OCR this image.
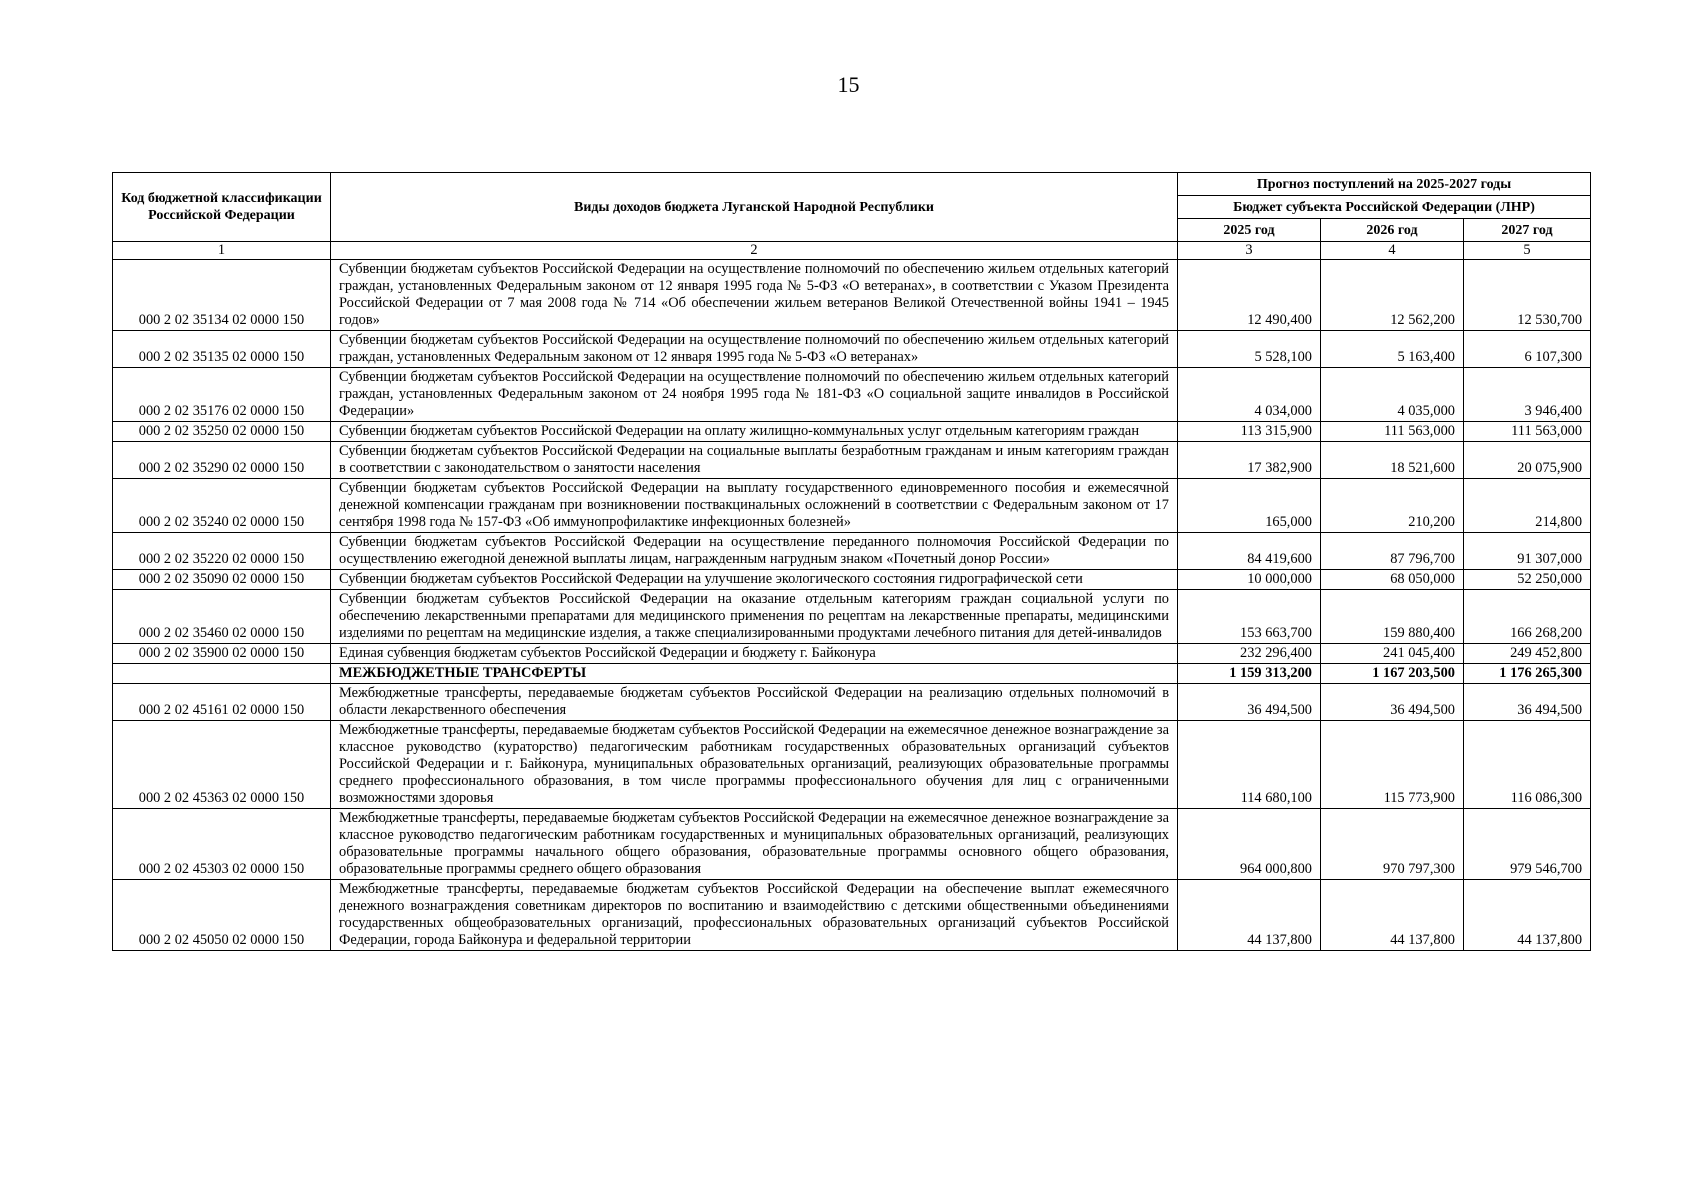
15
Код бюджетной классификации Российской Федерации	Виды доходов бюджета Луганской Народной Республики	Прогноз поступлений на 2025-2027 годы		
		Бюджет субъекта Российской Федерации (ЛНР)		
		2025 год	2026 год	2027 год
1	2	3	4	5
000 2 02 35134 02 0000 150	Субвенции бюджетам субъектов Российской Федерации на осуществление полномочий по обеспечению жильем отдельных категорий граждан, установленных Федеральным законом от 12 января 1995 года № 5-ФЗ «О ветеранах», в соответствии с Указом Президента Российской Федерации от 7 мая 2008 года № 714 «Об обеспечении жильем ветеранов Великой Отечественной войны 1941 – 1945 годов»	12 490,400	12 562,200	12 530,700
000 2 02 35135 02 0000 150	Субвенции бюджетам субъектов Российской Федерации на осуществление полномочий по обеспечению жильем отдельных категорий граждан, установленных Федеральным законом от 12 января 1995 года № 5-ФЗ «О ветеранах»	5 528,100	5 163,400	6 107,300
000 2 02 35176 02 0000 150	Субвенции бюджетам субъектов Российской Федерации на осуществление полномочий по обеспечению жильем отдельных категорий граждан, установленных Федеральным законом от 24 ноября 1995 года № 181-ФЗ «О социальной защите инвалидов в Российской Федерации»	4 034,000	4 035,000	3 946,400
000 2 02 35250 02 0000 150	Субвенции бюджетам субъектов Российской Федерации на оплату жилищно-коммунальных услуг отдельным категориям граждан	113 315,900	111 563,000	111 563,000
000 2 02 35290 02 0000 150	Субвенции бюджетам субъектов Российской Федерации на социальные выплаты безработным гражданам и иным категориям граждан в соответствии с законодательством о занятости населения	17 382,900	18 521,600	20 075,900
000 2 02 35240 02 0000 150	Субвенции бюджетам субъектов Российской Федерации на выплату государственного единовременного пособия и ежемесячной денежной компенсации гражданам при возникновении поствакцинальных осложнений в соответствии с Федеральным законом от 17 сентября 1998 года № 157-ФЗ «Об иммунопрофилактике инфекционных болезней»	165,000	210,200	214,800
000 2 02 35220 02 0000 150	Субвенции бюджетам субъектов Российской Федерации на осуществление переданного полномочия Российской Федерации по осуществлению ежегодной денежной выплаты лицам, награжденным нагрудным знаком «Почетный донор России»	84 419,600	87 796,700	91 307,000
000 2 02 35090 02 0000 150	Субвенции бюджетам субъектов Российской Федерации на улучшение экологического состояния гидрографической сети	10 000,000	68 050,000	52 250,000
000 2 02 35460 02 0000 150	Субвенции бюджетам субъектов Российской Федерации на оказание отдельным категориям граждан социальной услуги по обеспечению лекарственными препаратами для медицинского применения по рецептам на лекарственные препараты, медицинскими изделиями по рецептам на медицинские изделия, а также специализированными продуктами лечебного питания для детей-инвалидов	153 663,700	159 880,400	166 268,200
000 2 02 35900 02 0000 150	Единая субвенция бюджетам субъектов Российской Федерации и бюджету г. Байконура	232 296,400	241 045,400	249 452,800
	МЕЖБЮДЖЕТНЫЕ ТРАНСФЕРТЫ	1 159 313,200	1 167 203,500	1 176 265,300
000 2 02 45161 02 0000 150	Межбюджетные трансферты, передаваемые бюджетам субъектов Российской Федерации на реализацию отдельных полномочий в области лекарственного обеспечения	36 494,500	36 494,500	36 494,500
000 2 02 45363 02 0000 150	Межбюджетные трансферты, передаваемые бюджетам субъектов Российской Федерации на ежемесячное денежное вознаграждение за классное руководство (кураторство) педагогическим работникам государственных образовательных организаций субъектов Российской Федерации и г. Байконура, муниципальных образовательных организаций, реализующих образовательные программы среднего профессионального образования, в том числе программы профессионального обучения для лиц с ограниченными возможностями здоровья	114 680,100	115 773,900	116 086,300
000 2 02 45303 02 0000 150	Межбюджетные трансферты, передаваемые бюджетам субъектов Российской Федерации на ежемесячное денежное вознаграждение за классное руководство педагогическим работникам государственных и муниципальных образовательных организаций, реализующих образовательные программы начального общего образования, образовательные программы основного общего образования, образовательные программы среднего общего образования	964 000,800	970 797,300	979 546,700
000 2 02 45050 02 0000 150	Межбюджетные трансферты, передаваемые бюджетам субъектов Российской Федерации на обеспечение выплат ежемесячного денежного вознаграждения советникам директоров по воспитанию и взаимодействию с детскими общественными объединениями государственных общеобразовательных организаций, профессиональных образовательных организаций субъектов Российской Федерации, города Байконура и федеральной территории	44 137,800	44 137,800	44 137,800
